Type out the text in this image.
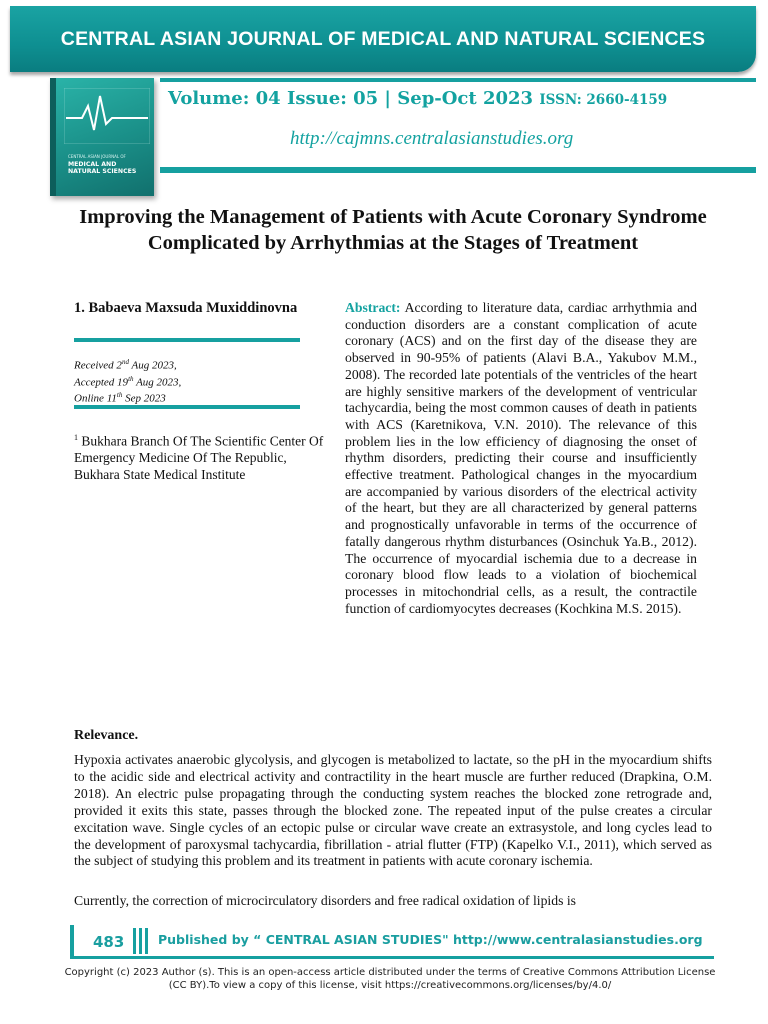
CENTRAL ASIAN JOURNAL OF MEDICAL AND NATURAL SCIENCES
CENTRAL ASIAN JOURNAL OF
MEDICAL AND NATURAL SCIENCES
Volume: 04 Issue: 05 | Sep-Oct 2023 ISSN: 2660-4159
http://cajmns.centralasianstudies.org
Improving the Management of Patients with Acute Coronary Syndrome Complicated by Arrhythmias at the Stages of Treatment
1. Babaeva Maxsuda Muxiddinovna
Received 2nd Aug 2023,
Accepted 19th Aug 2023,
Online 11th Sep 2023
$^1$ Bukhara Branch Of The Scientific Center Of Emergency Medicine Of The Republic, Bukhara State Medical Institute
Abstract: According to literature data, cardiac arrhythmia and conduction disorders are a constant complication of acute coronary (ACS) and on the first day of the disease they are observed in 90-95% of patients (Alavi B.A., Yakubov M.M., 2008). The recorded late potentials of the ventricles of the heart are highly sensitive markers of the development of ventricular tachycardia, being the most common causes of death in patients with ACS (Karetnikova, V.N. 2010). The relevance of this problem lies in the low efficiency of diagnosing the onset of rhythm disorders, predicting their course and insufficiently effective treatment. Pathological changes in the myocardium are accompanied by various disorders of the electrical activity of the heart, but they are all characterized by general patterns and prognostically unfavorable in terms of the occurrence of fatally dangerous rhythm disturbances (Osinchuk Ya.B., 2012). The occurrence of myocardial ischemia due to a decrease in coronary blood flow leads to a violation of biochemical processes in mitochondrial cells, as a result, the contractile function of cardiomyocytes decreases (Kochkina M.S. 2015).
Relevance.
Hypoxia activates anaerobic glycolysis, and glycogen is metabolized to lactate, so the pH in the myocardium shifts to the acidic side and electrical activity and contractility in the heart muscle are further reduced (Drapkina, O.M. 2018). An electric pulse propagating through the conducting system reaches the blocked zone retrograde and, provided it exits this state, passes through the blocked zone. The repeated input of the pulse creates a circular excitation wave. Single cycles of an ectopic pulse or circular wave create an extrasystole, and long cycles lead to the development of paroxysmal tachycardia, fibrillation - atrial flutter (FTP) (Kapelko V.I., 2011), which served as the subject of studying this problem and its treatment in patients with acute coronary ischemia.
Currently, the correction of microcirculatory disorders and free radical oxidation of lipids is
483	Published by “ CENTRAL ASIAN STUDIES" http://www.centralasianstudies.org
Copyright (c) 2023 Author (s). This is an open-access article distributed under the terms of Creative Commons Attribution License (CC BY).To view a copy of this license, visit https://creativecommons.org/licenses/by/4.0/
